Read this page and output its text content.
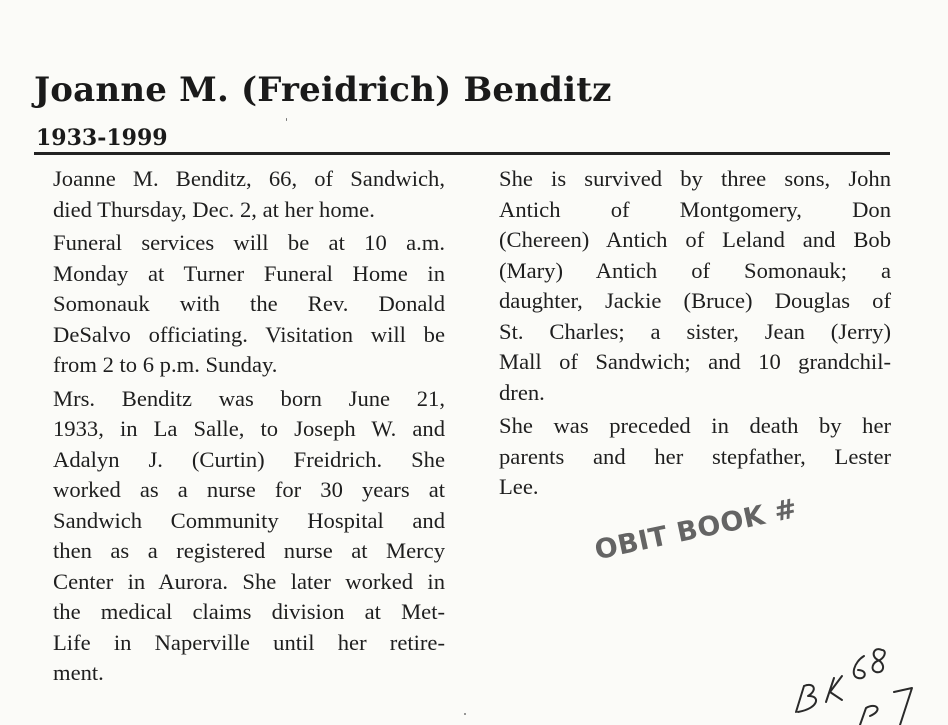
Joanne M. (Freidrich) Benditz
1933-1999

Joanne M. Benditz, 66, of Sandwich,
died Thursday, Dec. 2, at her home.

Funeral services will be at 10 a.m.
Monday at Turner Funeral Home in
Somonauk with the Rev. Donald
DeSalvo officiating. Visitation will be
from 2 to 6 p.m. Sunday.

Mrs. Benditz was born June 21,
1933, in La Salle, to Joseph W. and
Adalyn J. (Curtin) Freidrich. She
worked as a nurse for 30 years at
Sandwich Community Hospital and
then as a registered nurse at Mercy
Center in Aurora. She later worked in
the medical claims division at Met-
Life in Naperville until her retire-
ment.

She is survived by three sons, John
Antich of Montgomery, Don
(Chereen) Antich of Leland and Bob
(Mary) Antich of Somonauk; a
daughter, Jackie (Bruce) Douglas of
St. Charles; a sister, Jean (Jerry)
Mall of Sandwich; and 10 grandchil-
dren.

She was preceded in death by her
parents and her stepfather, Lester
Lee.

OBIT BOOK #
